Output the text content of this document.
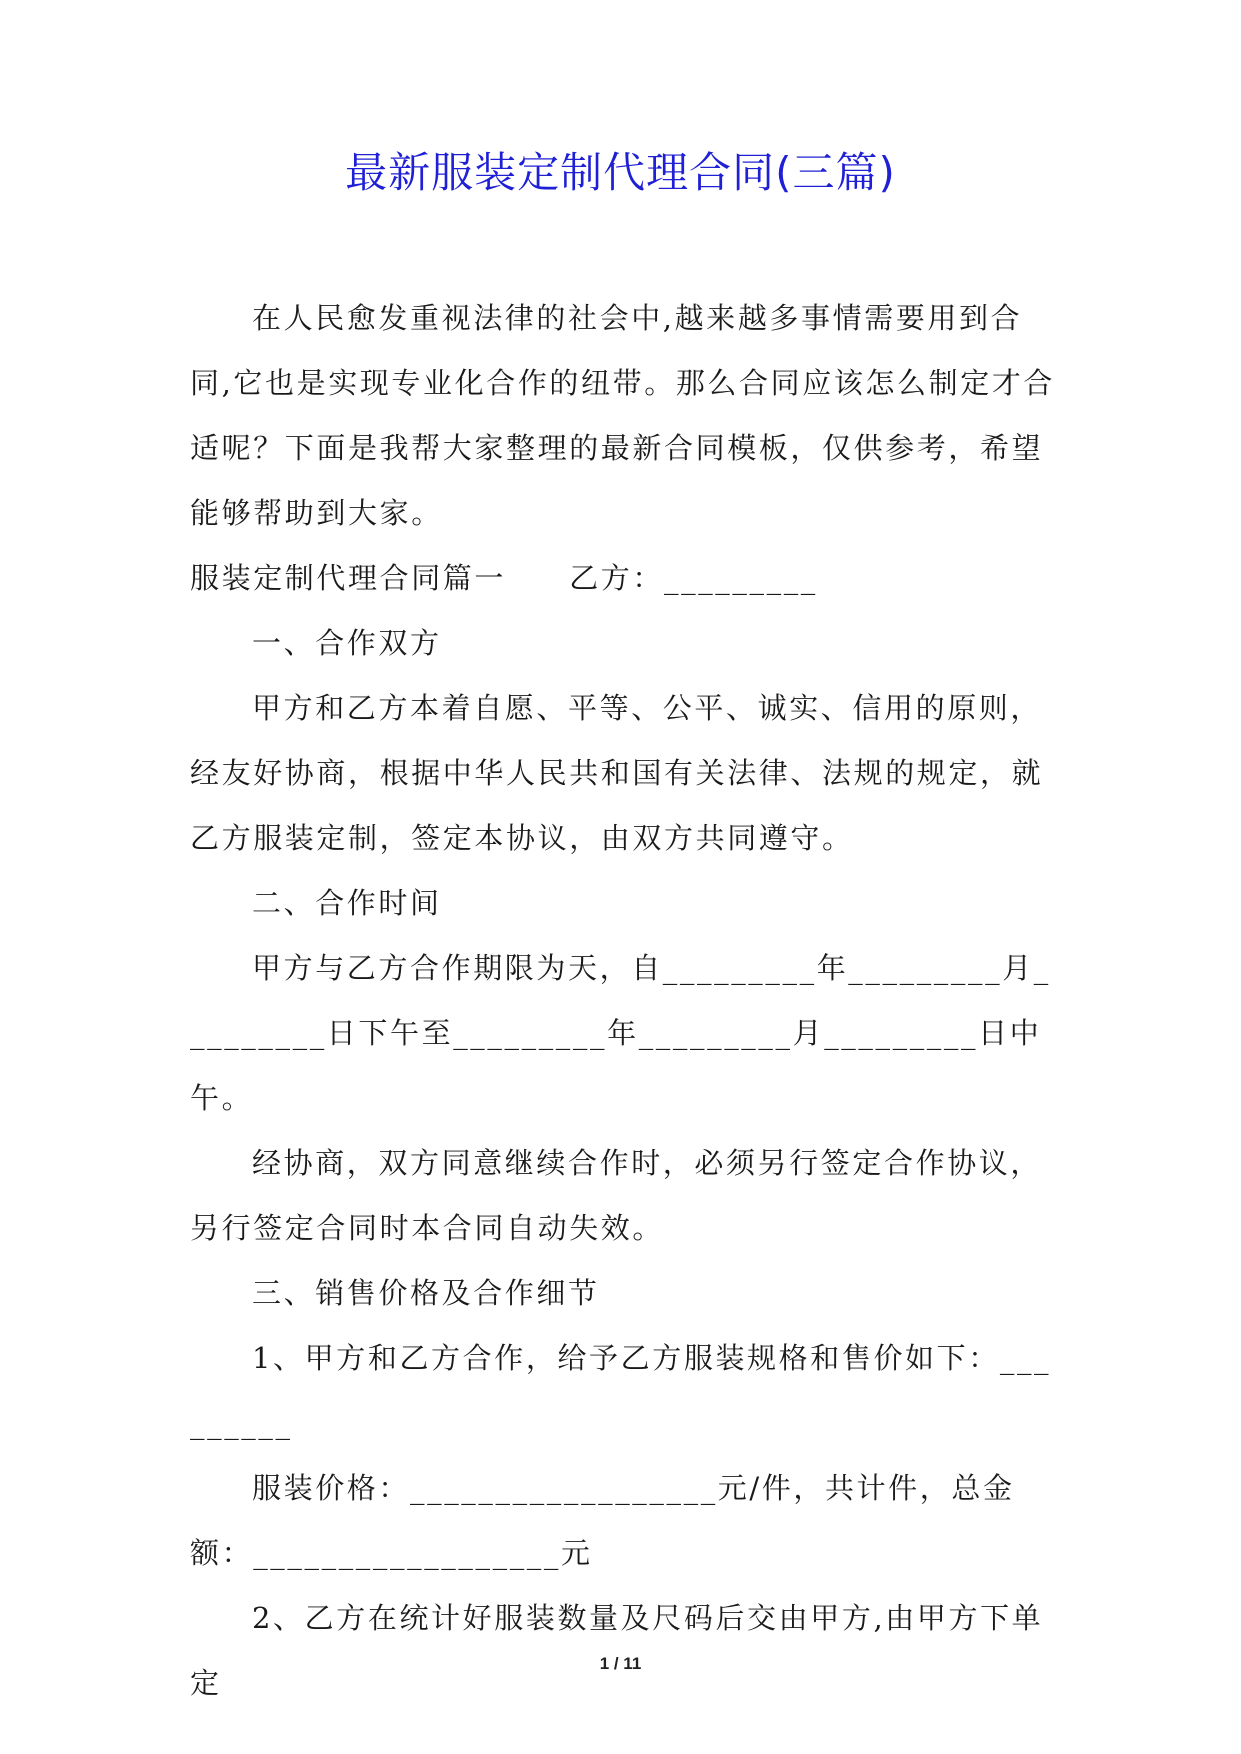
最新服装定制代理合同(三篇)

在人民愈发重视法律的社会中,越来越多事情需要用到合同,它也是实现专业化合作的纽带。那么合同应该怎么制定才合适呢？下面是我帮大家整理的最新合同模板，仅供参考，希望能够帮助到大家。

服装定制代理合同篇一　　乙方：_________

一、合作双方

甲方和乙方本着自愿、平等、公平、诚实、信用的原则，经友好协商，根据中华人民共和国有关法律、法规的规定，就乙方服装定制，签定本协议，由双方共同遵守。

二、合作时间

甲方与乙方合作期限为天，自_________年_________月_________日下午至_________年_________月_________日中午。

经协商，双方同意继续合作时，必须另行签定合作协议，另行签定合同时本合同自动失效。

三、销售价格及合作细节

1、甲方和乙方合作，给予乙方服装规格和售价如下：_________

服装价格：__________________元/件，共计件，总金额：__________________元

2、乙方在统计好服装数量及尺码后交由甲方,由甲方下单定

1 / 11
